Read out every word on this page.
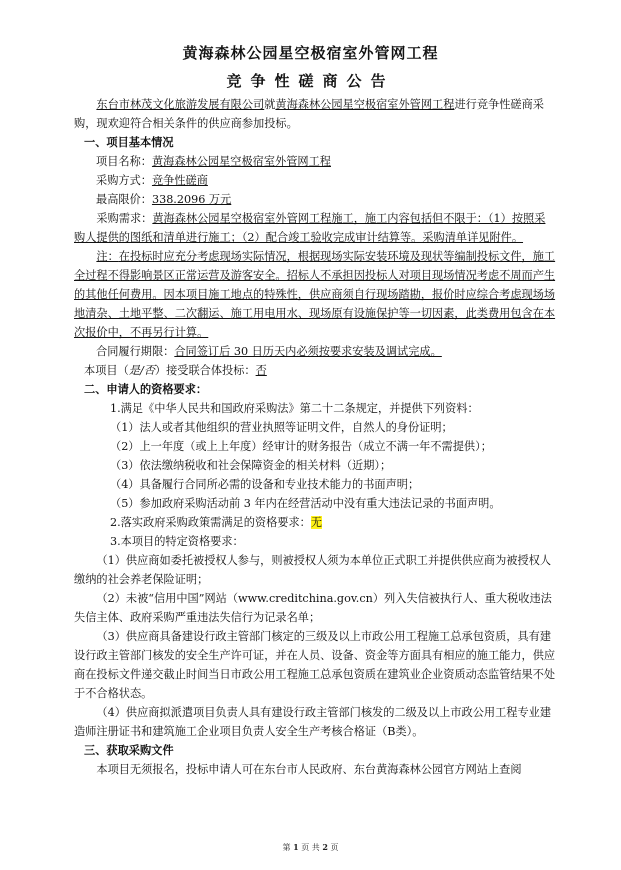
黄海森林公园星空极宿室外管网工程
竞争性磋商公告

东台市林茂文化旅游发展有限公司就黄海森林公园星空极宿室外管网工程进行竞争性磋商采购，现欢迎符合相关条件的供应商参加投标。

一、项目基本情况

项目名称：黄海森林公园星空极宿室外管网工程

采购方式：竞争性磋商

最高限价：338.2096 万元

采购需求：黄海森林公园星空极宿室外管网工程施工，施工内容包括但不限于：（1）按照采购人提供的图纸和清单进行施工；（2）配合竣工验收完成审计结算等。采购清单详见附件。

注：在投标时应充分考虑现场实际情况，根据现场实际安装环境及现状等编制投标文件，施工全过程不得影响景区正常运营及游客安全。招标人不承担因投标人对项目现场情况考虑不周而产生的其他任何费用。因本项目施工地点的特殊性，供应商须自行现场踏勘，报价时应综合考虑现场场地清杂、土地平整、二次翻运、施工用电用水、现场原有设施保护等一切因素，此类费用包含在本次报价中，不再另行计算。

合同履行期限：合同签订后 30 日历天内必须按要求安装及调试完成。

本项目（是/否）接受联合体投标：否

二、申请人的资格要求：

1.满足《中华人民共和国政府采购法》第二十二条规定，并提供下列资料：

（1）法人或者其他组织的营业执照等证明文件，自然人的身份证明；

（2）上一年度（或上上年度）经审计的财务报告（成立不满一年不需提供）；

（3）依法缴纳税收和社会保障资金的相关材料（近期）；

（4）具备履行合同所必需的设备和专业技术能力的书面声明；

（5）参加政府采购活动前 3 年内在经营活动中没有重大违法记录的书面声明。

2.落实政府采购政策需满足的资格要求：无

3.本项目的特定资格要求：

（1）供应商如委托被授权人参与，则被授权人须为本单位正式职工并提供供应商为被授权人缴纳的社会养老保险证明；

（2）未被“信用中国”网站（www.creditchina.gov.cn）列入失信被执行人、重大税收违法失信主体、政府采购严重违法失信行为记录名单；

（3）供应商具备建设行政主管部门核定的三级及以上市政公用工程施工总承包资质，具有建设行政主管部门核发的安全生产许可证，并在人员、设备、资金等方面具有相应的施工能力，供应商在投标文件递交截止时间当日市政公用工程施工总承包资质在建筑业企业资质动态监管结果不处于不合格状态。

（4）供应商拟派遣项目负责人具有建设行政主管部门核发的二级及以上市政公用工程专业建造师注册证书和建筑施工企业项目负责人安全生产考核合格证（B类）。

三、获取采购文件

本项目无须报名，投标申请人可在东台市人民政府、东台黄海森林公园官方网站上查阅

第 1 页 共 2 页
